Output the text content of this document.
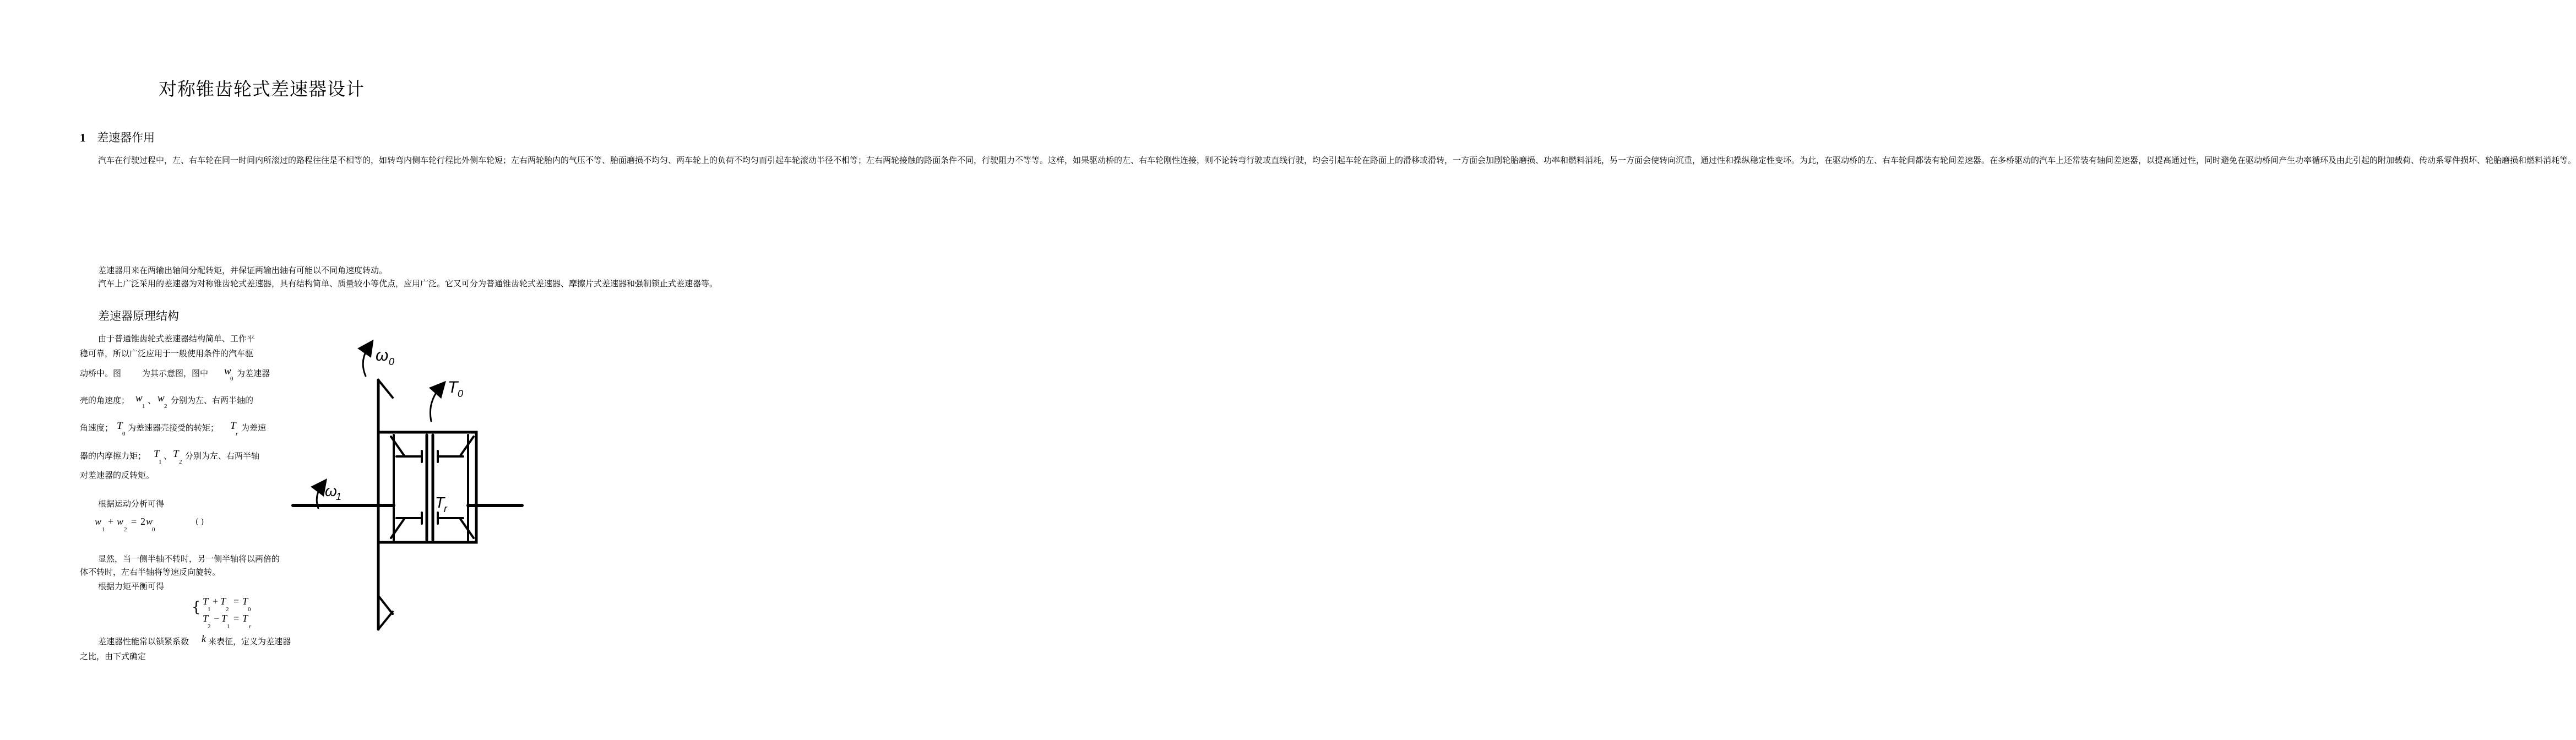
对称锥齿轮式差速器设计
1 差速器作用
汽车在行驶过程中，左、右车轮在同一时间内所滚过的路程往往是不相等的，如转弯内侧车轮行程比外侧车轮短；左右两轮胎内的气压不等、胎面磨损不均匀、两车轮上的负荷不均匀而引起车轮滚动半径不相等；左右两轮接触的路面条件不同，行驶阻力不等等。这样，如果驱动桥的左、右车轮刚性连接，则不论转弯行驶或直线行驶，均会引起车轮在路面上的滑移或滑转，一方面会加剧轮胎磨损、功率和燃料消耗，另一方面会使转向沉重，通过性和操纵稳定性变坏。为此，在驱动桥的左、右车轮间都装有轮间差速器。在多桥驱动的汽车上还常装有轴间差速器，以提高通过性，同时避免在驱动桥间产生功率循环及由此引起的附加载荷、传动系零件损坏、轮胎磨损和燃料消耗等。
差速器用来在两输出轴间分配转矩，并保证两输出轴有可能以不同角速度转动。
汽车上广泛采用的差速器为对称锥齿轮式差速器，具有结构简单、质量较小等优点，应用广泛。它又可分为普通锥齿轮式差速器、摩擦片式差速器和强制锁止式差速器等。
差速器原理结构
由于普通锥齿轮式差速器结构简单、工作平
稳可靠，所以广泛应用于一般使用条件的汽车驱
动桥中。图	为其示意图，图中 w
0
为差速器
壳的角速度； w
1
、 w
2
分别为左、右两半轴的
角速度； T
0
为差速器壳接受的转矩； T
r
为差速
器的内摩擦力矩； T
1
、 T
2
分别为左、右两半轴
对差速器的反转矩。
根据运动分析可得
w
1
+ w
2
= 2 w
0
( )
显然，当一侧半轴不转时，另一侧半轴将以两倍的
体不转时，左右半轴将等速反向旋转。
根据力矩平衡可得
{ T
1
+ T
2
= T
0
T
2
− T
1
= T
r
差速器性能常以锁紧系数 k 来表征，定义为差速器
之比，由下式确定
ω 0
T 0
ω
1	T
r
